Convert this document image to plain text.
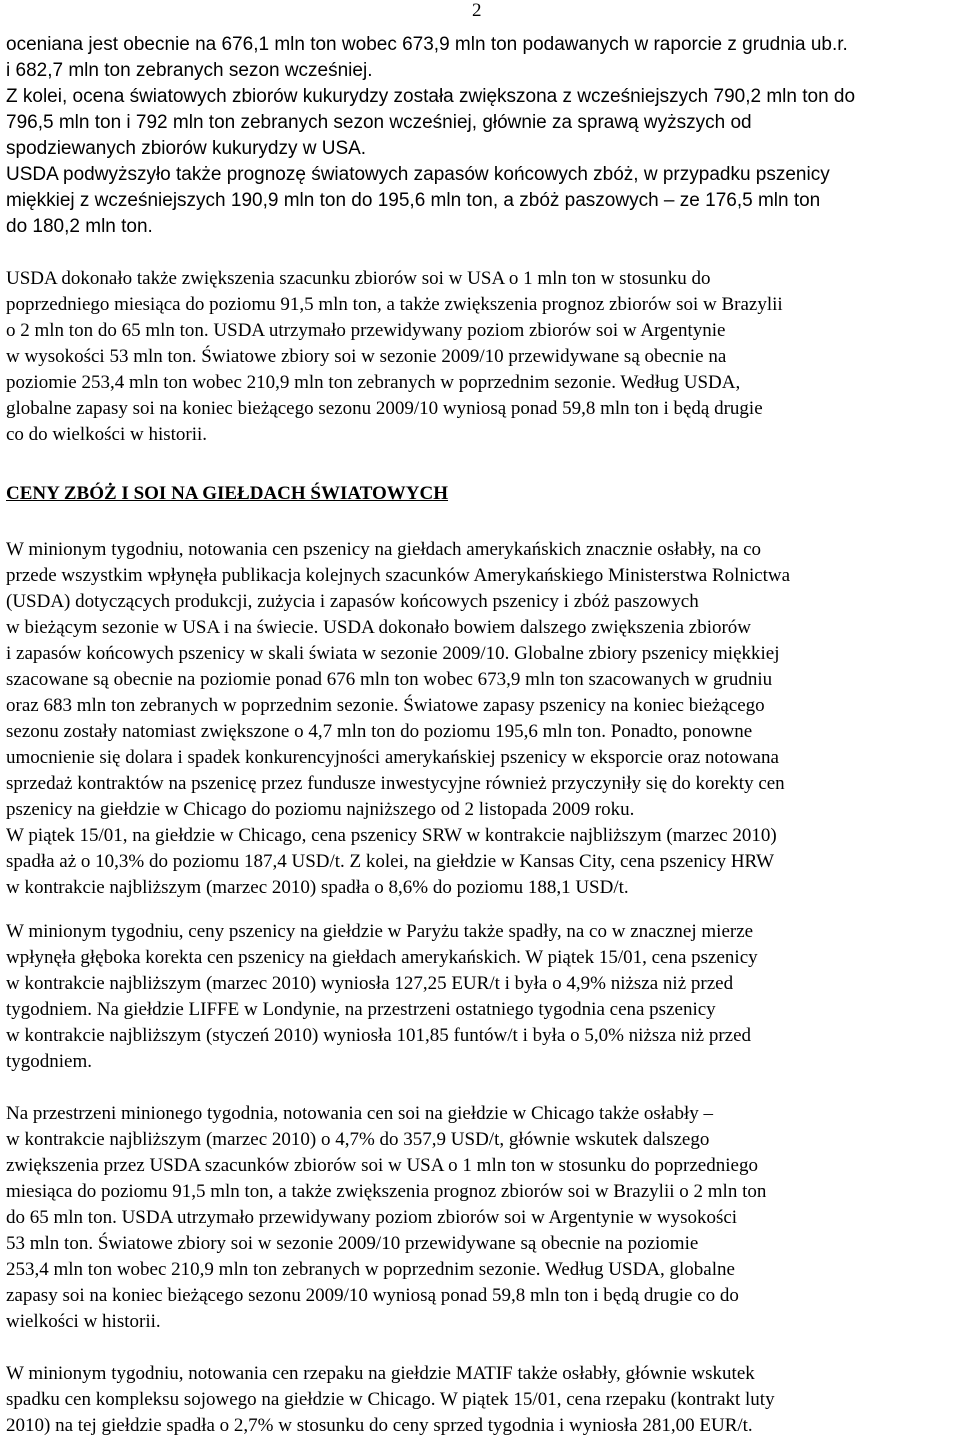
2
oceniana jest obecnie na 676,1 mln ton wobec 673,9 mln ton podawanych w raporcie z grudnia ub.r.
i 682,7 mln ton zebranych sezon wcześniej.
Z kolei, ocena światowych zbiorów kukurydzy została zwiększona z wcześniejszych 790,2 mln ton do
796,5 mln ton i 792 mln ton zebranych sezon wcześniej, głównie za sprawą wyższych od
spodziewanych zbiorów kukurydzy w USA.
USDA podwyższyło także prognozę światowych zapasów końcowych zbóż, w przypadku pszenicy
miękkiej z wcześniejszych 190,9 mln ton do 195,6 mln ton, a zbóż paszowych – ze 176,5 mln ton
do 180,2 mln ton.
USDA dokonało także zwiększenia szacunku zbiorów soi w USA o 1 mln ton w stosunku do
poprzedniego miesiąca do poziomu 91,5 mln ton, a także zwiększenia prognoz zbiorów soi w Brazylii
o 2 mln ton do 65 mln ton. USDA utrzymało przewidywany poziom zbiorów soi w Argentynie
w wysokości 53 mln ton. Światowe zbiory soi w sezonie 2009/10 przewidywane są obecnie na
poziomie 253,4 mln ton wobec 210,9 mln ton zebranych w poprzednim sezonie. Według USDA,
globalne zapasy soi na koniec bieżącego sezonu 2009/10 wyniosą ponad 59,8 mln ton i będą drugie
co do wielkości w historii.
CENY ZBÓŻ I SOI NA GIEŁDACH ŚWIATOWYCH
W minionym tygodniu, notowania cen pszenicy na giełdach amerykańskich znacznie osłabły, na co
przede wszystkim wpłynęła publikacja kolejnych szacunków Amerykańskiego Ministerstwa Rolnictwa
(USDA) dotyczących produkcji, zużycia i zapasów końcowych pszenicy i zbóż paszowych
w bieżącym sezonie w USA i na świecie. USDA dokonało bowiem dalszego zwiększenia zbiorów
i zapasów końcowych pszenicy w skali świata w sezonie 2009/10. Globalne zbiory pszenicy miękkiej
szacowane są obecnie na poziomie ponad 676 mln ton wobec 673,9 mln ton szacowanych w grudniu
oraz 683 mln ton zebranych w poprzednim sezonie. Światowe zapasy pszenicy na koniec bieżącego
sezonu zostały natomiast zwiększone o 4,7 mln ton do poziomu 195,6 mln ton. Ponadto, ponowne
umocnienie się dolara i spadek konkurencyjności amerykańskiej pszenicy w eksporcie oraz notowana
sprzedaż kontraktów na pszenicę przez fundusze inwestycyjne również przyczyniły się do korekty cen
pszenicy na giełdzie w Chicago do poziomu najniższego od 2 listopada 2009 roku.
W piątek 15/01, na giełdzie w Chicago, cena pszenicy SRW w kontrakcie najbliższym (marzec 2010)
spadła aż o 10,3% do poziomu 187,4 USD/t. Z kolei, na giełdzie w Kansas City, cena pszenicy HRW
w kontrakcie najbliższym (marzec 2010) spadła o 8,6% do poziomu 188,1 USD/t.
W minionym tygodniu, ceny pszenicy na giełdzie w Paryżu także spadły, na co w znacznej mierze
wpłynęła głęboka korekta cen pszenicy na giełdach amerykańskich. W piątek 15/01, cena pszenicy
w kontrakcie najbliższym (marzec 2010) wyniosła 127,25 EUR/t i była o 4,9% niższa niż przed
tygodniem. Na giełdzie LIFFE w Londynie, na przestrzeni ostatniego tygodnia cena pszenicy
w kontrakcie najbliższym (styczeń 2010) wyniosła 101,85 funtów/t i była o 5,0% niższa niż przed
tygodniem.
Na przestrzeni minionego tygodnia, notowania cen soi na giełdzie w Chicago także osłabły –
w kontrakcie najbliższym (marzec 2010) o 4,7% do 357,9 USD/t, głównie wskutek dalszego
zwiększenia przez USDA szacunków zbiorów soi w USA o 1 mln ton w stosunku do poprzedniego
miesiąca do poziomu 91,5 mln ton, a także zwiększenia prognoz zbiorów soi w Brazylii o 2 mln ton
do 65 mln ton. USDA utrzymało przewidywany poziom zbiorów soi w Argentynie w wysokości
53 mln ton. Światowe zbiory soi w sezonie 2009/10 przewidywane są obecnie na poziomie
253,4 mln ton wobec 210,9 mln ton zebranych w poprzednim sezonie. Według USDA, globalne
zapasy soi na koniec bieżącego sezonu 2009/10 wyniosą ponad 59,8 mln ton i będą drugie co do
wielkości w historii.
W minionym tygodniu, notowania cen rzepaku na giełdzie MATIF także osłabły, głównie wskutek
spadku cen kompleksu sojowego na giełdzie w Chicago. W piątek 15/01, cena rzepaku (kontrakt luty
2010) na tej giełdzie spadła o 2,7% w stosunku do ceny sprzed tygodnia i wyniosła 281,00 EUR/t.
